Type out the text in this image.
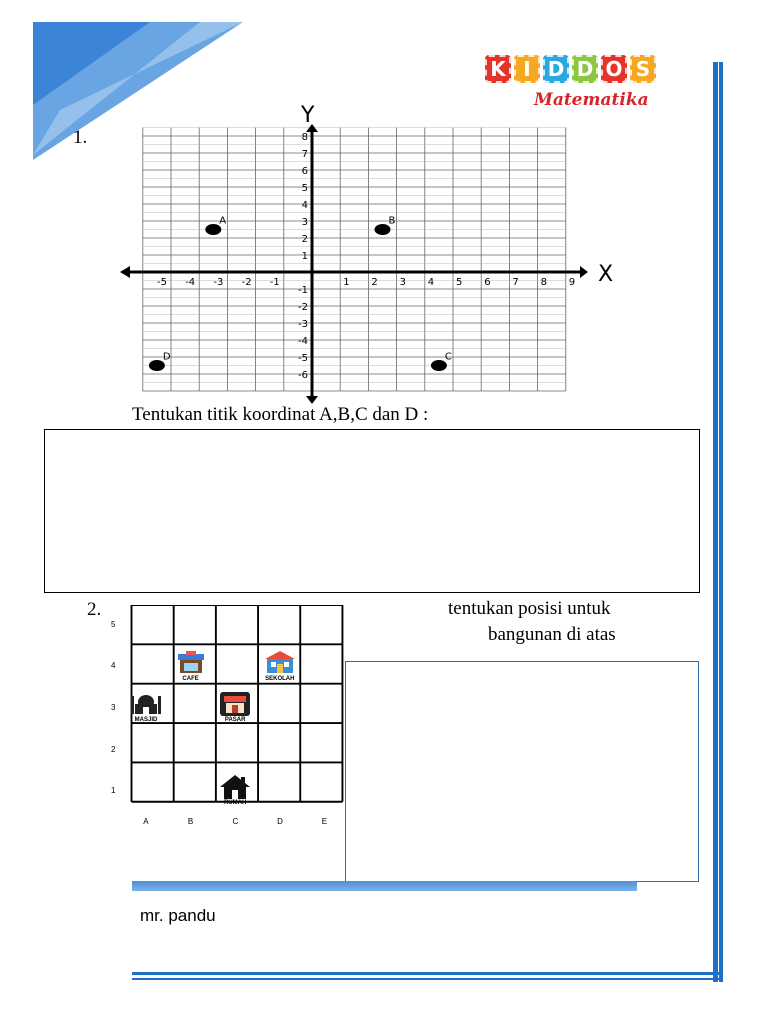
K I D D O S
Matematika
1.
X
Y
-5 -4 -3 -2 -1	1 2 3 4 5 6 7 8 9
8
7
6
5
4
3
2
1
-1
-2
-3
-4
-5
-6
A	B
C
D
Tentukan titik koordinat A,B,C dan D :
2.	tentukan posisi untuk
bangunan di atas
mr. pandu
5
4
3
2
1
A	B	C	D	E
CAFE	SEKOLAH
MASJID	PASAR
RUMAH
